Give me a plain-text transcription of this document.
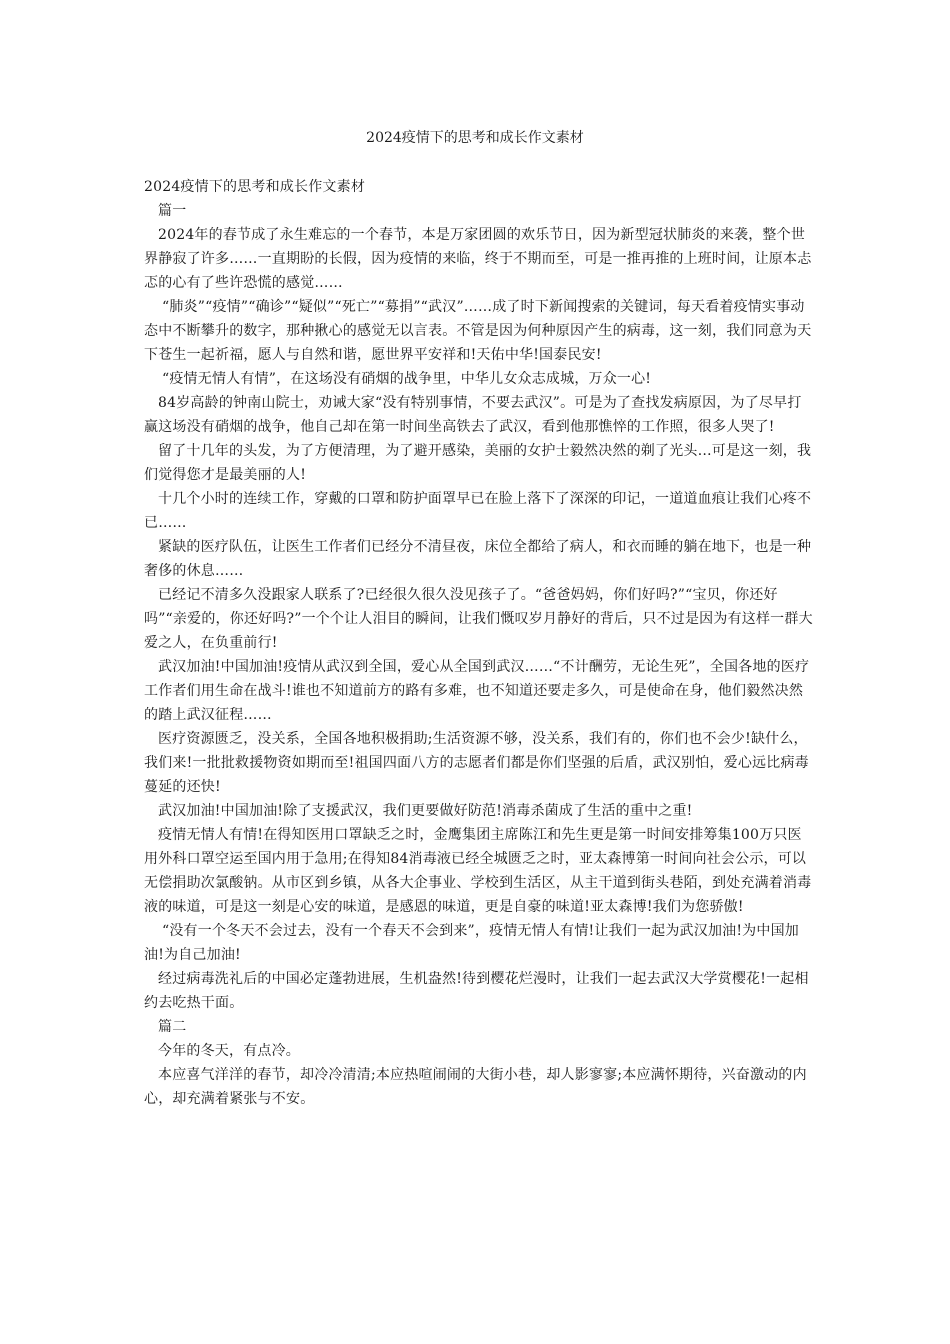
2024疫情下的思考和成长作文素材

2024疫情下的思考和成长作文素材

篇一

2024年的春节成了永生难忘的一个春节，本是万家团圆的欢乐节日，因为新型冠状肺炎的来袭，整个世界静寂了许多……一直期盼的长假，因为疫情的来临，终于不期而至，可是一推再推的上班时间，让原本忐忑的心有了些许恐慌的感觉……

“肺炎”“疫情”“确诊”“疑似”“死亡”“募捐”“武汉”……成了时下新闻搜索的关键词，每天看着疫情实事动态中不断攀升的数字，那种揪心的感觉无以言表。不管是因为何种原因产生的病毒，这一刻，我们同意为天下苍生一起祈福，愿人与自然和谐，愿世界平安祥和!天佑中华!国泰民安!

“疫情无情人有情”，在这场没有硝烟的战争里，中华儿女众志成城，万众一心!

84岁高龄的钟南山院士，劝诫大家“没有特别事情，不要去武汉”。可是为了查找发病原因，为了尽早打赢这场没有硝烟的战争，他自己却在第一时间坐高铁去了武汉，看到他那憔悴的工作照，很多人哭了!

留了十几年的头发，为了方便清理，为了避开感染，美丽的女护士毅然决然的剃了光头…可是这一刻，我们觉得您才是最美丽的人!

十几个小时的连续工作，穿戴的口罩和防护面罩早已在脸上落下了深深的印记，一道道血痕让我们心疼不已……

紧缺的医疗队伍，让医生工作者们已经分不清昼夜，床位全都给了病人，和衣而睡的躺在地下，也是一种奢侈的休息……

已经记不清多久没跟家人联系了?已经很久很久没见孩子了。“爸爸妈妈，你们好吗?”“宝贝，你还好吗”“亲爱的，你还好吗?”一个个让人泪目的瞬间，让我们慨叹岁月静好的背后，只不过是因为有这样一群大爱之人，在负重前行!

武汉加油!中国加油!疫情从武汉到全国，爱心从全国到武汉……“不计酬劳，无论生死”，全国各地的医疗工作者们用生命在战斗!谁也不知道前方的路有多难，也不知道还要走多久，可是使命在身，他们毅然决然的踏上武汉征程……

医疗资源匮乏，没关系，全国各地积极捐助;生活资源不够，没关系，我们有的，你们也不会少!缺什么，我们来!一批批救援物资如期而至!祖国四面八方的志愿者们都是你们坚强的后盾，武汉别怕，爱心远比病毒蔓延的还快!

武汉加油!中国加油!除了支援武汉，我们更要做好防范!消毒杀菌成了生活的重中之重!

疫情无情人有情!在得知医用口罩缺乏之时，金鹰集团主席陈江和先生更是第一时间安排筹集100万只医用外科口罩空运至国内用于急用;在得知84消毒液已经全城匮乏之时，亚太森博第一时间向社会公示，可以无偿捐助次氯酸钠。从市区到乡镇，从各大企事业、学校到生活区，从主干道到街头巷陌，到处充满着消毒液的味道，可是这一刻是心安的味道，是感恩的味道，更是自豪的味道!亚太森博!我们为您骄傲!

“没有一个冬天不会过去，没有一个春天不会到来”，疫情无情人有情!让我们一起为武汉加油!为中国加油!为自己加油!

经过病毒洗礼后的中国必定蓬勃进展，生机盎然!待到樱花烂漫时，让我们一起去武汉大学赏樱花!一起相约去吃热干面。

篇二

今年的冬天，有点冷。

本应喜气洋洋的春节，却冷冷清清;本应热喧闹闹的大街小巷，却人影寥寥;本应满怀期待，兴奋激动的内心，却充满着紧张与不安。
